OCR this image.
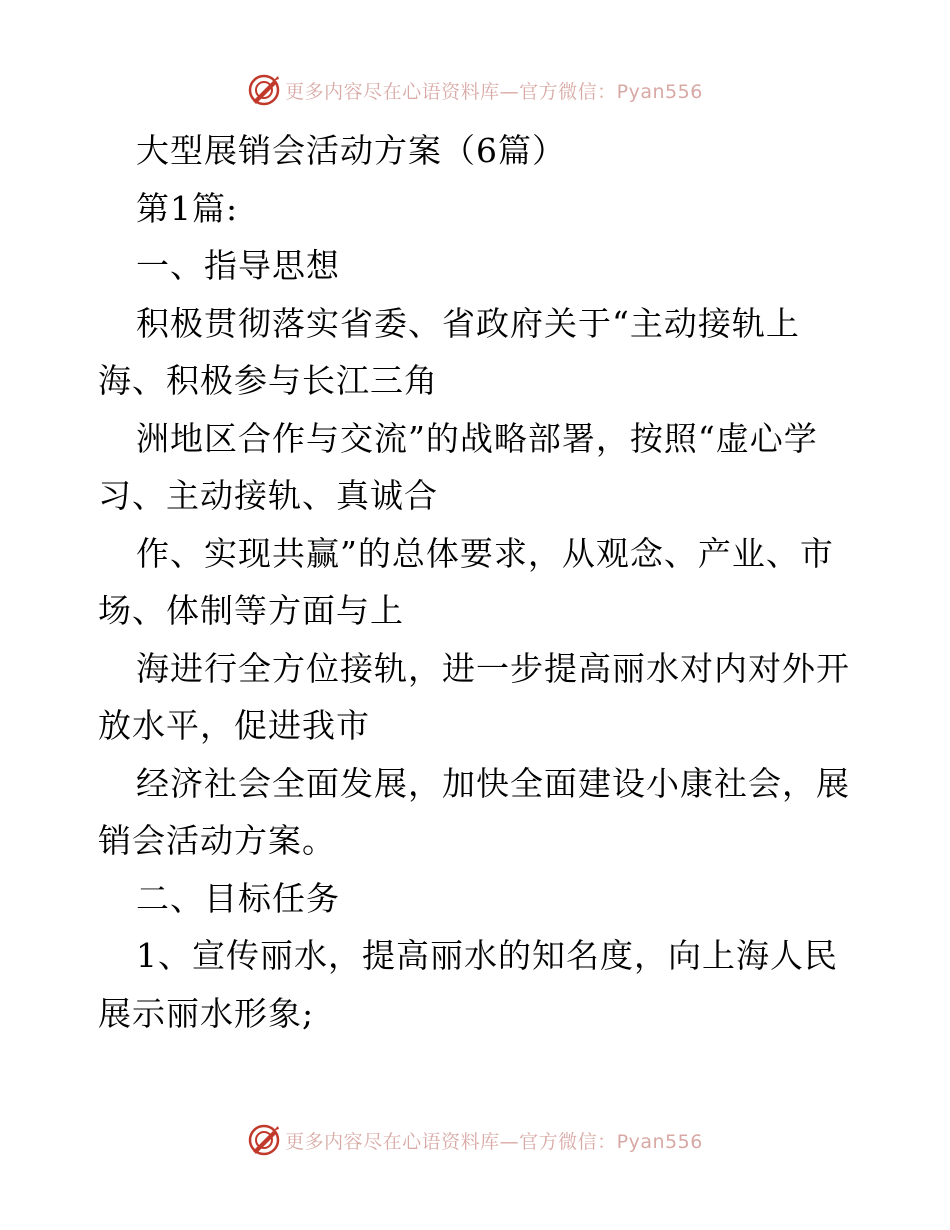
更多内容尽在心语资料库—官方微信：Pyan556
大型展销会活动方案（6篇）
第1篇:
一、指导思想
积极贯彻落实省委、省政府关于“主动接轨上
海、积极参与长江三角
洲地区合作与交流”的战略部署，按照“虚心学
习、主动接轨、真诚合
作、实现共赢”的总体要求，从观念、产业、市
场、体制等方面与上
海进行全方位接轨，进一步提高丽水对内对外开
放水平，促进我市
经济社会全面发展，加快全面建设小康社会，展
销会活动方案。
二、目标任务
1、宣传丽水，提高丽水的知名度，向上海人民
展示丽水形象;
更多内容尽在心语资料库—官方微信：Pyan556
